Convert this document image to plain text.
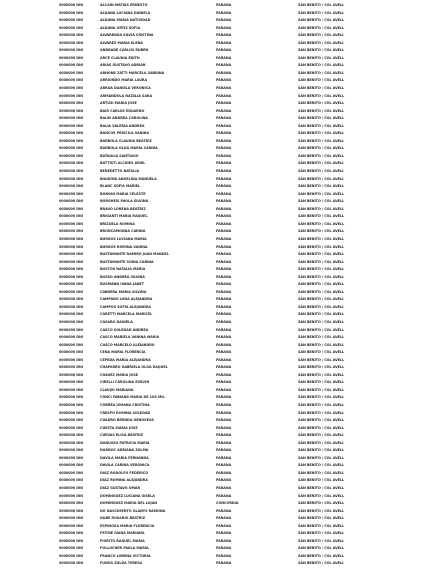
0000000 DNI
0000000 DNI
0000000 DNI
0000000 DNI
0000000 DNI
0000000 DNI
0000000 DNI
0000000 DNI
0000000 DNI
0000000 DNI
0000000 DNI
0000000 DNI
0000000 DNI
0000000 DNI
0000000 DNI
0000000 DNI
0000000 DNI
0000000 DNI
0000000 DNI
0000000 DNI
0000000 DNI
0000000 DNI
0000000 DNI
0000000 DNI
0000000 DNI
0000000 DNI
0000000 DNI
0000000 DNI
0000000 DNI
0000000 DNI
0000000 DNI
0000000 DNI
0000000 DNI
0000000 DNI
0000000 DNI
0000000 DNI
0000000 DNI
0000000 DNI
0000000 DNI
0000000 DNI
0000000 DNI
0000000 DNI
0000000 DNI
0000000 DNI
0000000 DNI
0000000 DNI
0000000 DNI
0000000 DNI
0000000 DNI
0000000 DNI
0000000 DNI
0000000 DNI
0000000 DNI
0000000 DNI
0000000 DNI
0000000 DNI
0000000 DNI
0000000 DNI
0000000 DNI
0000000 DNI
0000000 DNI
0000000 DNI
0000000 DNI
0000000 DNI
0000000 DNI
0000000 DNI
0000000 DNI
0000000 DNI
0000000 DNI
0000000 DNI
0000000 DNI
0000000 DNI
0000000 DNI
0000000 DNI
0000000 DNI
ALCAIN MATIAS ERNESTO
ALDANA LUCIANA DANIELA
ALDANA MARIA NATIVIDAD
ALDANA ORTIZ SOFIA
ALVARENGA SILVIA CRISTINA
ALVAREZ MARIA ELENA
ANDRADE CARLOS RUBEN
ARCE CLAUDIA EDITH
ARIAS GUSTAVO ADRIAN
ARNONE ZATTI MARCELA SABRINA
ARRIONDO MARIA LAURA
ARRUA DANIELA VERONICA
ARMANDOLA NATALIA SARA
ARTUSI MARIA JOSE
BAIR CARLOS EDUARDO
BALBI ANDREA CAROLINA
BALIA VALERIA ANDREA
BANCOS PRISCILA VANINA
BARBOLA CLAUDIA BEATRIZ
BARBOLA OLGA MARIA CARINA
BATAGLIA SANTIAGO
BATTISTI ALCIDES ARIEL
BENEDETTO NATALIA
BIAGIONI ANGELINA MANUELA
BLANC SOFIA MARIEL
BONONI MARIA CELESTE
BORGHESI PAOLA SILVINA
BRAVO LORENA BEATRIZ
BRIGANTI MARIA RAQUEL
BRIZUELA ROMINA
BRONCAMONDA CARINA
BURGOS LUCIANA MARIA
BURGOS ROMINA VANINA
BUSTAMANTE RAMIRO JUAN MANUEL
BUSTAMANTE SONIA CARINA
BUSTOS NATALIA MARIA
BUSSO ANDREA SILVINA
BUSMANN IVANA JANET
CABRERA MARIA SILVINA
CAMPANO LIDIA ALEJANDRA
CAMPOS SOFIA ALEJANDRA
CARETTI MARCELA MARICEL
CASARO DANIELA
CASCO SOLEDAD ANDREA
CASCO MARIELA VANINA MARIA
CASCO MARCELO ALEJANDRO
CENA MARIA FLORENCIA
CEPEDA MARIA ALEJANDRA
CHAPARRO GABRIELA OLGA RAQUEL
CHAVEZ MARIA JOSE
CIRELLI CAROLINA EVELYN
CLAVIJO MARIANA
CONCI FABIANA MARIA DE LOS MIL
CORREA JOHANA CRISTINA
CRESPO ROMINA SOLEDAD
CUADRO BRENDA GENOVEVA
CUESTA MARIA JOSE
CUEVAS ELISA BEATRIZ
DANUSSO PATRICIA MARIA
DARDOC ADRIANA ZULMA
DAVILA MARIA FERNANDA
DAVILA CARINA VERONICA
DIAZ RODOLFO FEDERICO
DIAZ ROMINA ALEJANDRA
DIAZ GUSTAVO OMAR
DOMINGUEZ LUCIANA GISELA
DOMINGUEZ MARIA DEL LUJAN
DO NASCIMENTO GLADYS RAMONA
DUBE ROSARIO BEATRIZ
ESPINOSA MARIA FLORENCIA
FEITNE IVANA MARIANA
FIORITO RAQUEL MARIA
FOLLOCHER PAULA MARIA
FRANCO LORENA VICTORIA
FUNOS ZULDA TERESA
PARANA
PARANA
PARANA
PARANA
PARANA
PARANA
PARANA
PARANA
PARANA
PARANA
PARANA
PARANA
PARANA
PARANA
PARANA
PARANA
PARANA
PARANA
PARANA
PARANA
PARANA
PARANA
PARANA
PARANA
PARANA
PARANA
PARANA
PARANA
PARANA
PARANA
PARANA
PARANA
PARANA
PARANA
PARANA
PARANA
PARANA
PARANA
PARANA
PARANA
PARANA
PARANA
PARANA
PARANA
PARANA
PARANA
PARANA
PARANA
PARANA
PARANA
PARANA
PARANA
PARANA
PARANA
PARANA
PARANA
PARANA
PARANA
PARANA
PARANA
PARANA
PARANA
PARANA
PARANA
PARANA
PARANA
CONCORDIA
PARANA
PARANA
PARANA
PARANA
PARANA
PARANA
PARANA
PARANA
SAN BENITO / COL AVELL
SAN BENITO / COL AVELL
SAN BENITO / COL AVELL
SAN BENITO / COL AVELL
SAN BENITO / COL AVELL
SAN BENITO / COL AVELL
SAN BENITO / COL AVELL
SAN BENITO / COL AVELL
SAN BENITO / COL AVELL
SAN BENITO / COL AVELL
SAN BENITO / COL AVELL
SAN BENITO / COL AVELL
SAN BENITO / COL AVELL
SAN BENITO / COL AVELL
SAN BENITO / COL AVELL
SAN BENITO / COL AVELL
SAN BENITO / COL AVELL
SAN BENITO / COL AVELL
SAN BENITO / COL AVELL
SAN BENITO / COL AVELL
SAN BENITO / COL AVELL
SAN BENITO / COL AVELL
SAN BENITO / COL AVELL
SAN BENITO / COL AVELL
SAN BENITO / COL AVELL
SAN BENITO / COL AVELL
SAN BENITO / COL AVELL
SAN BENITO / COL AVELL
SAN BENITO / COL AVELL
SAN BENITO / COL AVELL
SAN BENITO / COL AVELL
SAN BENITO / COL AVELL
SAN BENITO / COL AVELL
SAN BENITO / COL AVELL
SAN BENITO / COL AVELL
SAN BENITO / COL AVELL
SAN BENITO / COL AVELL
SAN BENITO / COL AVELL
SAN BENITO / COL AVELL
SAN BENITO / COL AVELL
SAN BENITO / COL AVELL
SAN BENITO / COL AVELL
SAN BENITO / COL AVELL
SAN BENITO / COL AVELL
SAN BENITO / COL AVELL
SAN BENITO / COL AVELL
SAN BENITO / COL AVELL
SAN BENITO / COL AVELL
SAN BENITO / COL AVELL
SAN BENITO / COL AVELL
SAN BENITO / COL AVELL
SAN BENITO / COL AVELL
SAN BENITO / COL AVELL
SAN BENITO / COL AVELL
SAN BENITO / COL AVELL
SAN BENITO / COL AVELL
SAN BENITO / COL AVELL
SAN BENITO / COL AVELL
SAN BENITO / COL AVELL
SAN BENITO / COL AVELL
SAN BENITO / COL AVELL
SAN BENITO / COL AVELL
SAN BENITO / COL AVELL
SAN BENITO / COL AVELL
SAN BENITO / COL AVELL
SAN BENITO / COL AVELL
SAN BENITO / COL AVELL
SAN BENITO / COL AVELL
SAN BENITO / COL AVELL
SAN BENITO / COL AVELL
SAN BENITO / COL AVELL
SAN BENITO / COL AVELL
SAN BENITO / COL AVELL
SAN BENITO / COL AVELL
SAN BENITO / COL AVELL
